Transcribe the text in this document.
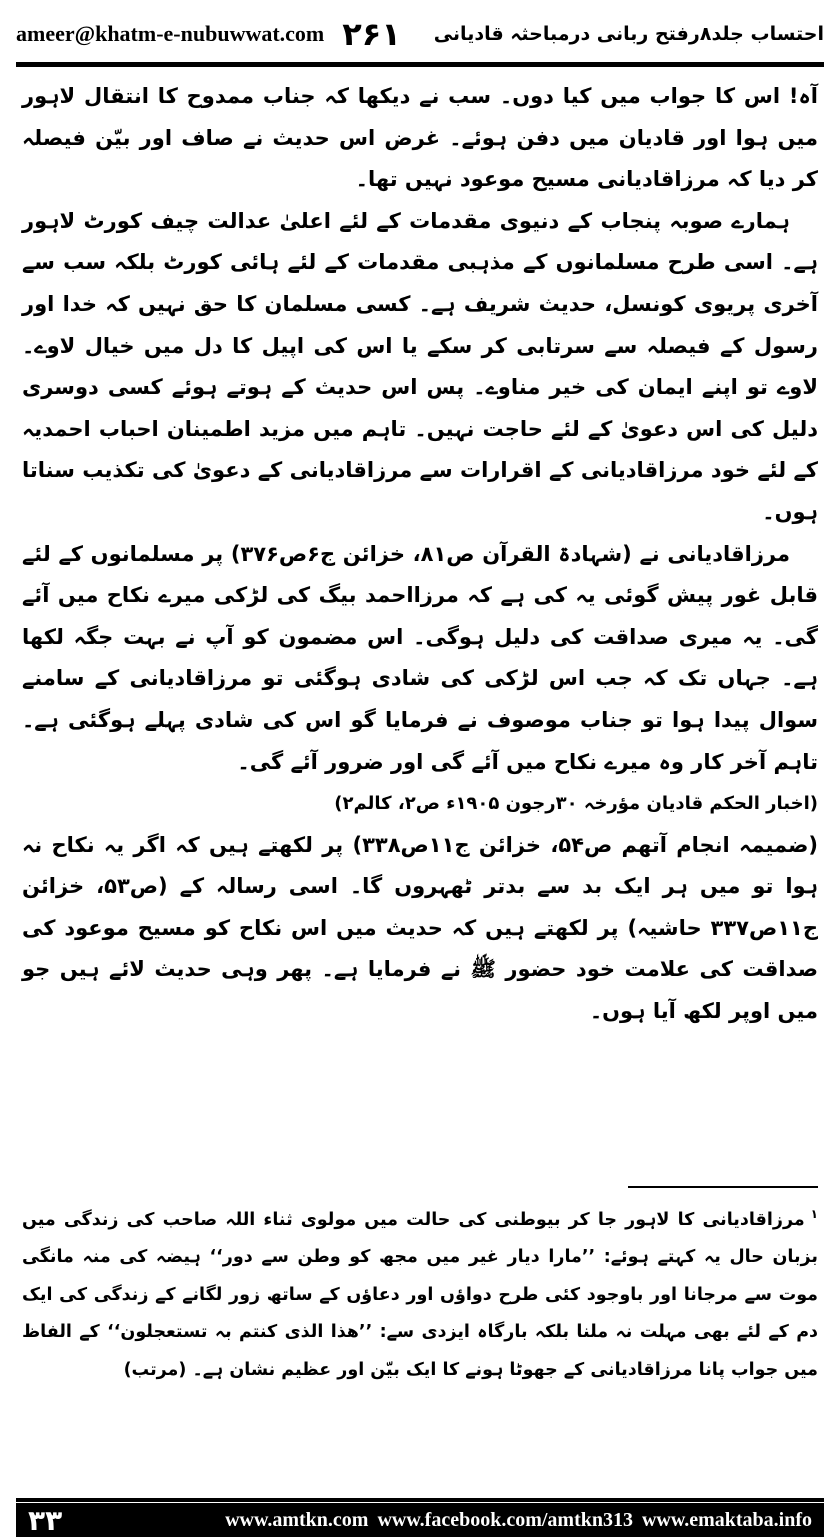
ameer@khatm-e-nubuwwat.com ۲۶۱ احتساب جلد۸رفتح ربانی درمباحثہ قادیانی

آہ! اس کا جواب میں کیا دوں۔ سب نے دیکھا کہ جناب ممدوح کا انتقال لاہور میں ہوا اور قادیان میں دفن ہوئے۔ غرض اس حدیث نے صاف اور بیّن فیصلہ کر دیا کہ مرزاقادیانی مسیح موعود نہیں تھا۔

ہمارے صوبہ پنجاب کے دنیوی مقدمات کے لئے اعلیٰ عدالت چیف کورٹ لاہور ہے۔ اسی طرح مسلمانوں کے مذہبی مقدمات کے لئے ہائی کورٹ بلکہ سب سے آخری پریوی کونسل، حدیث شریف ہے۔ کسی مسلمان کا حق نہیں کہ خدا اور رسول کے فیصلہ سے سرتابی کر سکے یا اس کی اپیل کا دل میں خیال لاوے۔ لاوے تو اپنے ایمان کی خیر مناوے۔ پس اس حدیث کے ہوتے ہوئے کسی دوسری دلیل کی اس دعویٰ کے لئے حاجت نہیں۔ تاہم میں مزید اطمینان احباب احمدیہ کے لئے خود مرزاقادیانی کے اقرارات سے مرزاقادیانی کے دعویٰ کی تکذیب سناتا ہوں۔

مرزاقادیانی نے (شہادۃ القرآن ص۸۱، خزائن ج۶ص۳۷۶) پر مسلمانوں کے لئے قابل غور پیش گوئی یہ کی ہے کہ مرزااحمد بیگ کی لڑکی میرے نکاح میں آئے گی۔ یہ میری صداقت کی دلیل ہوگی۔ اس مضمون کو آپ نے بہت جگہ لکھا ہے۔ جہاں تک کہ جب اس لڑکی کی شادی ہوگئی تو مرزاقادیانی کے سامنے سوال پیدا ہوا تو جناب موصوف نے فرمایا گو اس کی شادی پہلے ہوگئی ہے۔ تاہم آخر کار وہ میرے نکاح میں آئے گی اور ضرور آئے گی۔

(اخبار الحکم قادیان مؤرخہ ۳۰رجون ۱۹۰۵ء ص۲، کالم۲)

(ضمیمہ انجام آتھم ص۵۴، خزائن ج۱۱ص۳۳۸) پر لکھتے ہیں کہ اگر یہ نکاح نہ ہوا تو میں ہر ایک بد سے بدتر ٹھہروں گا۔ اسی رسالہ کے (ص۵۳، خزائن ج۱۱ص۳۳۷ حاشیہ) پر لکھتے ہیں کہ حدیث میں اس نکاح کو مسیح موعود کی صداقت کی علامت خود حضور ﷺ نے فرمایا ہے۔ پھر وہی حدیث لائے ہیں جو میں اوپر لکھ آیا ہوں۔

$^۱$مرزاقادیانی کا لاہور جا کر بیوطنی کی حالت میں مولوی ثناء اللہ صاحب کی زندگی میں بزبان حال یہ کہتے ہوئے: ’’مارا دیار غیر میں مجھ کو وطن سے دور‘‘ ہیضہ کی منہ مانگی موت سے مرجانا اور باوجود کئی طرح دواؤں اور دعاؤں کے ساتھ زور لگانے کے زندگی کی ایک دم کے لئے بھی مہلت نہ ملنا بلکہ بارگاہ ایزدی سے: ’’ھذا الذی کنتم بہ تستعجلون‘‘ کے الفاظ میں جواب پانا مرزاقادیانی کے جھوٹا ہونے کا ایک بیّن اور عظیم نشان ہے۔ (مرتب)

۳۳	www.amtkn.com www.facebook.com/amtkn313 www.emaktaba.info
